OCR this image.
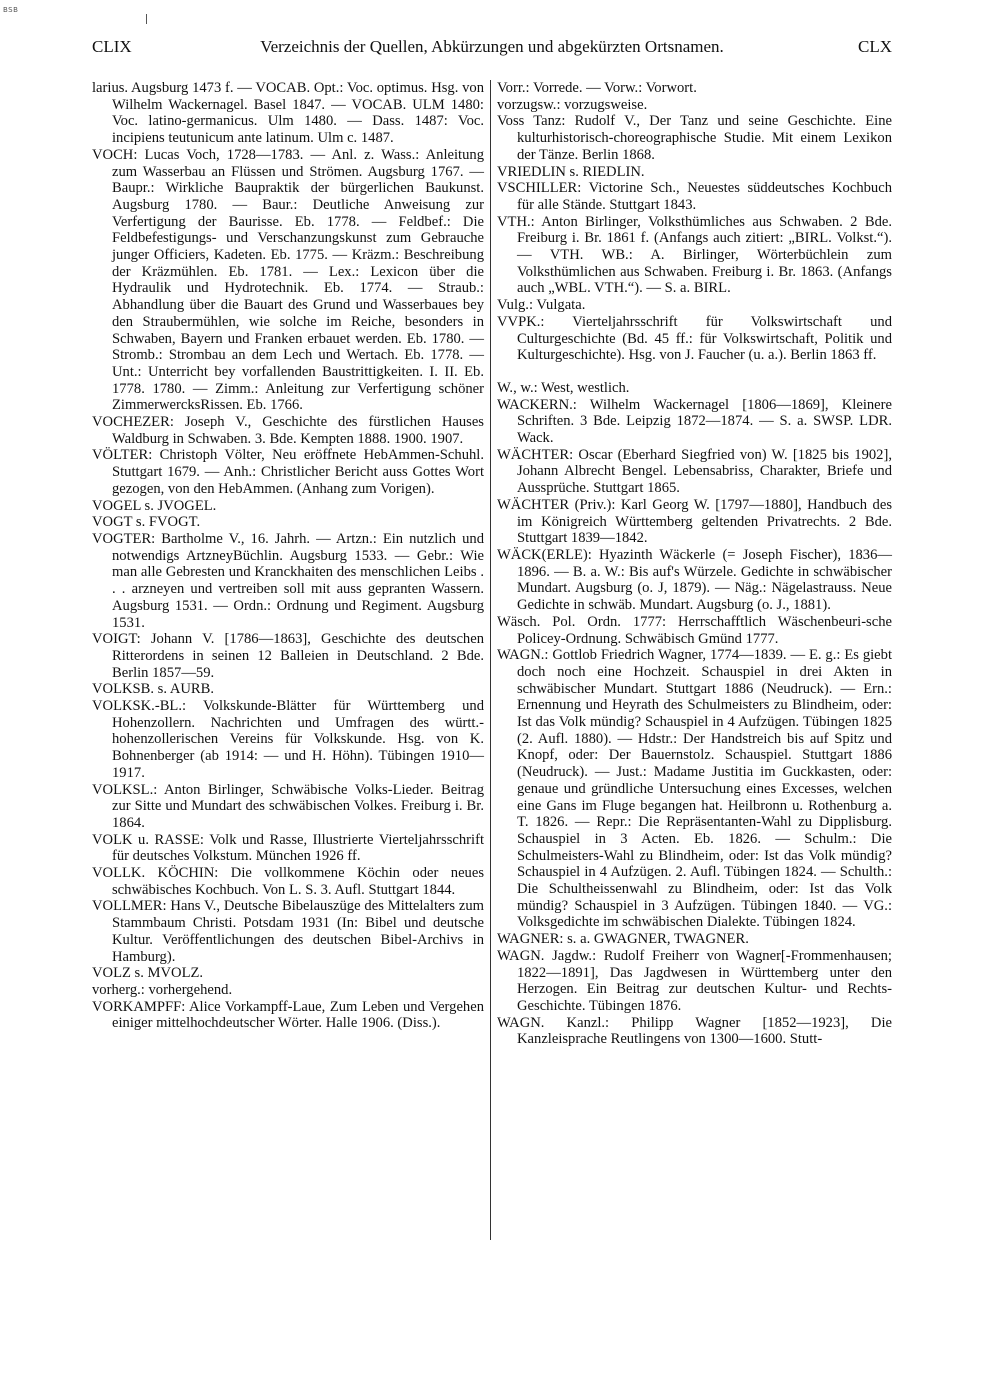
BSB
CLIX	Verzeichnis der Quellen, Abkürzungen und abgekürzten Ortsnamen.	CLX

larius. Augsburg 1473 f. — VOCAB. Opt.: Voc. optimus. Hsg. von Wilhelm Wackernagel. Basel 1847. — VOCAB. ULM 1480: Voc. latino-germanicus. Ulm 1480. — Dass. 1487: Voc. incipiens teutunicum ante latinum. Ulm c. 1487.

VOCH: Lucas Voch, 1728—1783. — Anl. z. Wass.: Anleitung zum Wasserbau an Flüssen und Strömen. Augsburg 1767. — Baupr.: Wirkliche Baupraktik der bürgerlichen Baukunst. Augsburg 1780. — Baur.: Deutliche Anweisung zur Verfertigung der Baurisse. Eb. 1778. — Feldbef.: Die Feldbefestigungs- und Verschanzungskunst zum Gebrauche junger Officiers, Kadeten. Eb. 1775. — Kräzm.: Beschreibung der Kräzmühlen. Eb. 1781. — Lex.: Lexicon über die Hydraulik und Hydrotechnik. Eb. 1774. — Straub.: Abhandlung über die Bauart des Grund und Wasserbaues bey den Straubermühlen, wie solche im Reiche, besonders in Schwaben, Bayern und Franken erbauet werden. Eb. 1780. — Stromb.: Strombau an dem Lech und Wertach. Eb. 1778. — Unt.: Unterricht bey vorfallenden Baustrittigkeiten. I. II. Eb. 1778. 1780. — Zimm.: Anleitung zur Verfertigung schöner ZimmerwercksRissen. Eb. 1766.

VOCHEZER: Joseph V., Geschichte des fürstlichen Hauses Waldburg in Schwaben. 3. Bde. Kempten 1888. 1900. 1907.

VÖLTER: Christoph Völter, Neu eröffnete HebAmmen-Schuhl. Stuttgart 1679. — Anh.: Christlicher Bericht auss Gottes Wort gezogen, von den HebAmmen. (Anhang zum Vorigen).

VOGEL s. JVOGEL.

VOGT s. FVOGT.

VOGTER: Bartholme V., 16. Jahrh. — Artzn.: Ein nutzlich und notwendigs ArtzneyBüchlin. Augsburg 1533. — Gebr.: Wie man alle Gebresten und Kranckhaiten des menschlichen Leibs . . . arzneyen und vertreiben soll mit auss gepranten Wassern. Augsburg 1531. — Ordn.: Ordnung und Regiment. Augsburg 1531.

VOIGT: Johann V. [1786—1863], Geschichte des deutschen Ritterordens in seinen 12 Balleien in Deutschland. 2 Bde. Berlin 1857—59.

VOLKSB. s. AURB.

VOLKSK.-BL.: Volkskunde-Blätter für Württemberg und Hohenzollern. Nachrichten und Umfragen des württ.-hohenzollerischen Vereins für Volkskunde. Hsg. von K. Bohnenberger (ab 1914: — und H. Höhn). Tübingen 1910—1917.

VOLKSL.: Anton Birlinger, Schwäbische Volks-Lieder. Beitrag zur Sitte und Mundart des schwäbischen Volkes. Freiburg i. Br. 1864.

VOLK u. RASSE: Volk und Rasse, Illustrierte Vierteljahrsschrift für deutsches Volkstum. München 1926 ff.

VOLLK. KÖCHIN: Die vollkommene Köchin oder neues schwäbisches Kochbuch. Von L. S. 3. Aufl. Stuttgart 1844.

VOLLMER: Hans V., Deutsche Bibelauszüge des Mittelalters zum Stammbaum Christi. Potsdam 1931 (In: Bibel und deutsche Kultur. Veröffentlichungen des deutschen Bibel-Archivs in Hamburg).

VOLZ s. MVOLZ.

vorherg.: vorhergehend.

VORKAMPFF: Alice Vorkampff-Laue, Zum Leben und Vergehen einiger mittelhochdeutscher Wörter. Halle 1906. (Diss.).

Vorr.: Vorrede. — Vorw.: Vorwort.

vorzugsw.: vorzugsweise.

Voss Tanz: Rudolf V., Der Tanz und seine Geschichte. Eine kulturhistorisch-choreographische Studie. Mit einem Lexikon der Tänze. Berlin 1868.

VRIEDLIN s. RIEDLIN.

VSCHILLER: Victorine Sch., Neuestes süddeutsches Kochbuch für alle Stände. Stuttgart 1843.

VTH.: Anton Birlinger, Volksthümliches aus Schwaben. 2 Bde. Freiburg i. Br. 1861 f. (Anfangs auch zitiert: „BIRL. Volkst.“). — VTH. WB.: A. Birlinger, Wörterbüchlein zum Volksthümlichen aus Schwaben. Freiburg i. Br. 1863. (Anfangs auch „WBL. VTH.“). — S. a. BIRL.

Vulg.: Vulgata.

VVPK.: Vierteljahrsschrift für Volkswirtschaft und Culturgeschichte (Bd. 45 ff.: für Volkswirtschaft, Politik und Kulturgeschichte). Hsg. von J. Faucher (u. a.). Berlin 1863 ff.

W., w.: West, westlich.

WACKERN.: Wilhelm Wackernagel [1806—1869], Kleinere Schriften. 3 Bde. Leipzig 1872—1874. — S. a. SWSP. LDR. Wack.

WÄCHTER: Oscar (Eberhard Siegfried von) W. [1825 bis 1902], Johann Albrecht Bengel. Lebensabriss, Charakter, Briefe und Aussprüche. Stuttgart 1865.

WÄCHTER (Priv.): Karl Georg W. [1797—1880], Handbuch des im Königreich Württemberg geltenden Privatrechts. 2 Bde. Stuttgart 1839—1842.

WÄCK(ERLE): Hyazinth Wäckerle (= Joseph Fischer), 1836—1896. — B. a. W.: Bis auf's Würzele. Gedichte in schwäbischer Mundart. Augsburg (o. J, 1879). — Näg.: Nägelastrauss. Neue Gedichte in schwäb. Mundart. Augsburg (o. J., 1881).

Wäsch. Pol. Ordn. 1777: Herrschafftlich Wäschenbeuri-sche Policey-Ordnung. Schwäbisch Gmünd 1777.

WAGN.: Gottlob Friedrich Wagner, 1774—1839. — E. g.: Es giebt doch noch eine Hochzeit. Schauspiel in drei Akten in schwäbischer Mundart. Stuttgart 1886 (Neudruck). — Ern.: Ernennung und Heyrath des Schulmeisters zu Blindheim, oder: Ist das Volk mündig? Schauspiel in 4 Aufzügen. Tübingen 1825 (2. Aufl. 1880). — Hdstr.: Der Handstreich bis auf Spitz und Knopf, oder: Der Bauernstolz. Schauspiel. Stuttgart 1886 (Neudruck). — Just.: Madame Justitia im Guckkasten, oder: genaue und gründliche Untersuchung eines Excesses, welchen eine Gans im Fluge begangen hat. Heilbronn u. Rothenburg a. T. 1826. — Repr.: Die Repräsentanten-Wahl zu Dipplisburg. Schauspiel in 3 Acten. Eb. 1826. — Schulm.: Die Schulmeisters-Wahl zu Blindheim, oder: Ist das Volk mündig? Schauspiel in 4 Aufzügen. 2. Aufl. Tübingen 1824. — Schulth.: Die Schultheissenwahl zu Blindheim, oder: Ist das Volk mündig? Schauspiel in 3 Aufzügen. Tübingen 1840. — VG.: Volksgedichte im schwäbischen Dialekte. Tübingen 1824.

WAGNER: s. a. GWAGNER, TWAGNER.

WAGN. Jagdw.: Rudolf Freiherr von Wagner[-Frommenhausen; 1822—1891], Das Jagdwesen in Württemberg unter den Herzogen. Ein Beitrag zur deutschen Kultur- und Rechts-Geschichte. Tübingen 1876.

WAGN. Kanzl.: Philipp Wagner [1852—1923], Die Kanzleisprache Reutlingens von 1300—1600. Stutt-
